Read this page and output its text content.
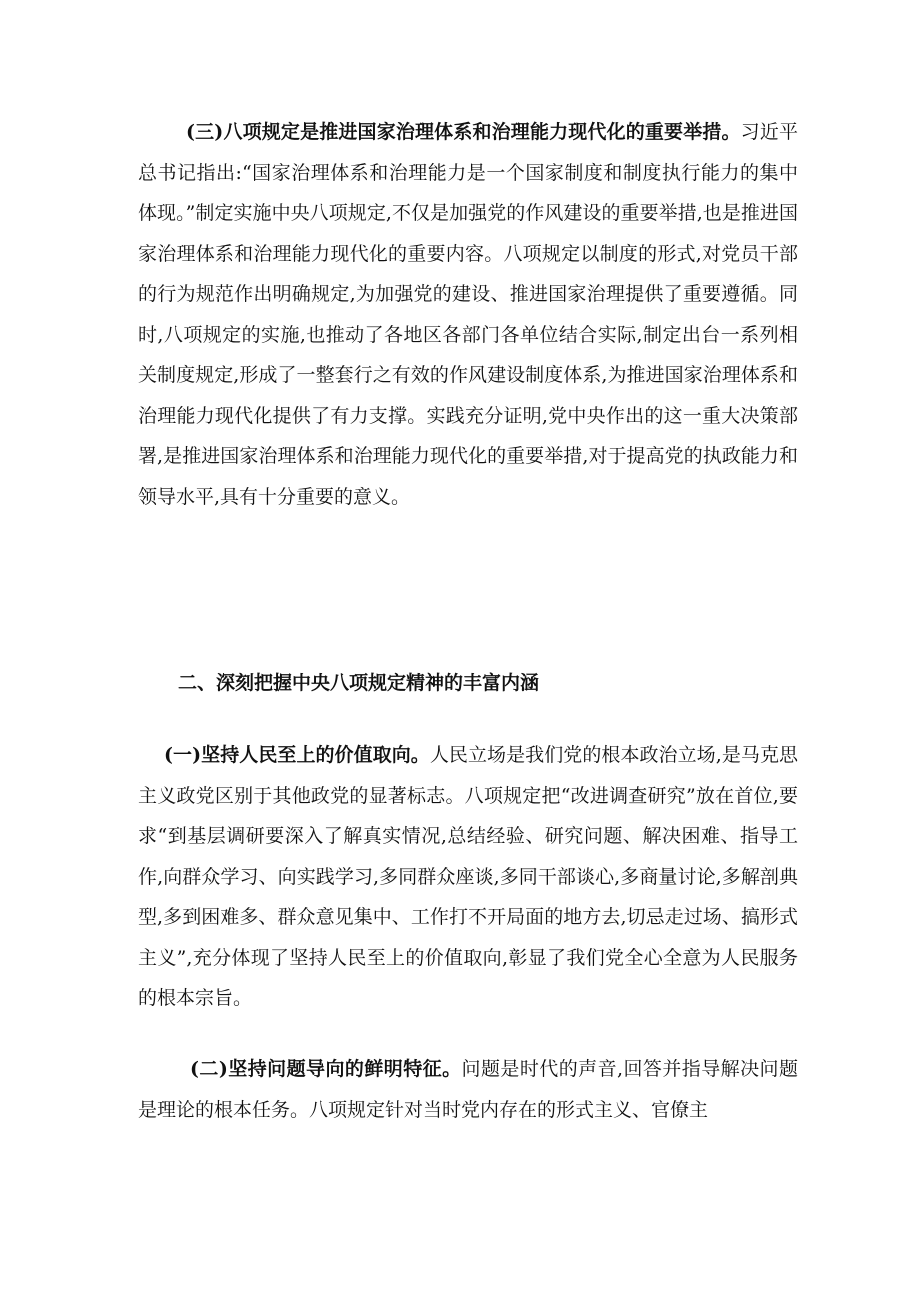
(三)八项规定是推进国家治理体系和治理能力现代化的重要举措。习近平总书记指出:“国家治理体系和治理能力是一个国家制度和制度执行能力的集中体现。”制定实施中央八项规定,不仅是加强党的作风建设的重要举措,也是推进国家治理体系和治理能力现代化的重要内容。八项规定以制度的形式,对党员干部的行为规范作出明确规定,为加强党的建设、推进国家治理提供了重要遵循。同时,八项规定的实施,也推动了各地区各部门各单位结合实际,制定出台一系列相关制度规定,形成了一整套行之有效的作风建设制度体系,为推进国家治理体系和治理能力现代化提供了有力支撑。实践充分证明,党中央作出的这一重大决策部署,是推进国家治理体系和治理能力现代化的重要举措,对于提高党的执政能力和领导水平,具有十分重要的意义。

二、深刻把握中央八项规定精神的丰富内涵

(一)坚持人民至上的价值取向。人民立场是我们党的根本政治立场,是马克思主义政党区别于其他政党的显著标志。八项规定把“改进调查研究”放在首位,要求“到基层调研要深入了解真实情况,总结经验、研究问题、解决困难、指导工作,向群众学习、向实践学习,多同群众座谈,多同干部谈心,多商量讨论,多解剖典型,多到困难多、群众意见集中、工作打不开局面的地方去,切忌走过场、搞形式主义”,充分体现了坚持人民至上的价值取向,彰显了我们党全心全意为人民服务的根本宗旨。

(二)坚持问题导向的鲜明特征。问题是时代的声音,回答并指导解决问题是理论的根本任务。八项规定针对当时党内存在的形式主义、官僚主
